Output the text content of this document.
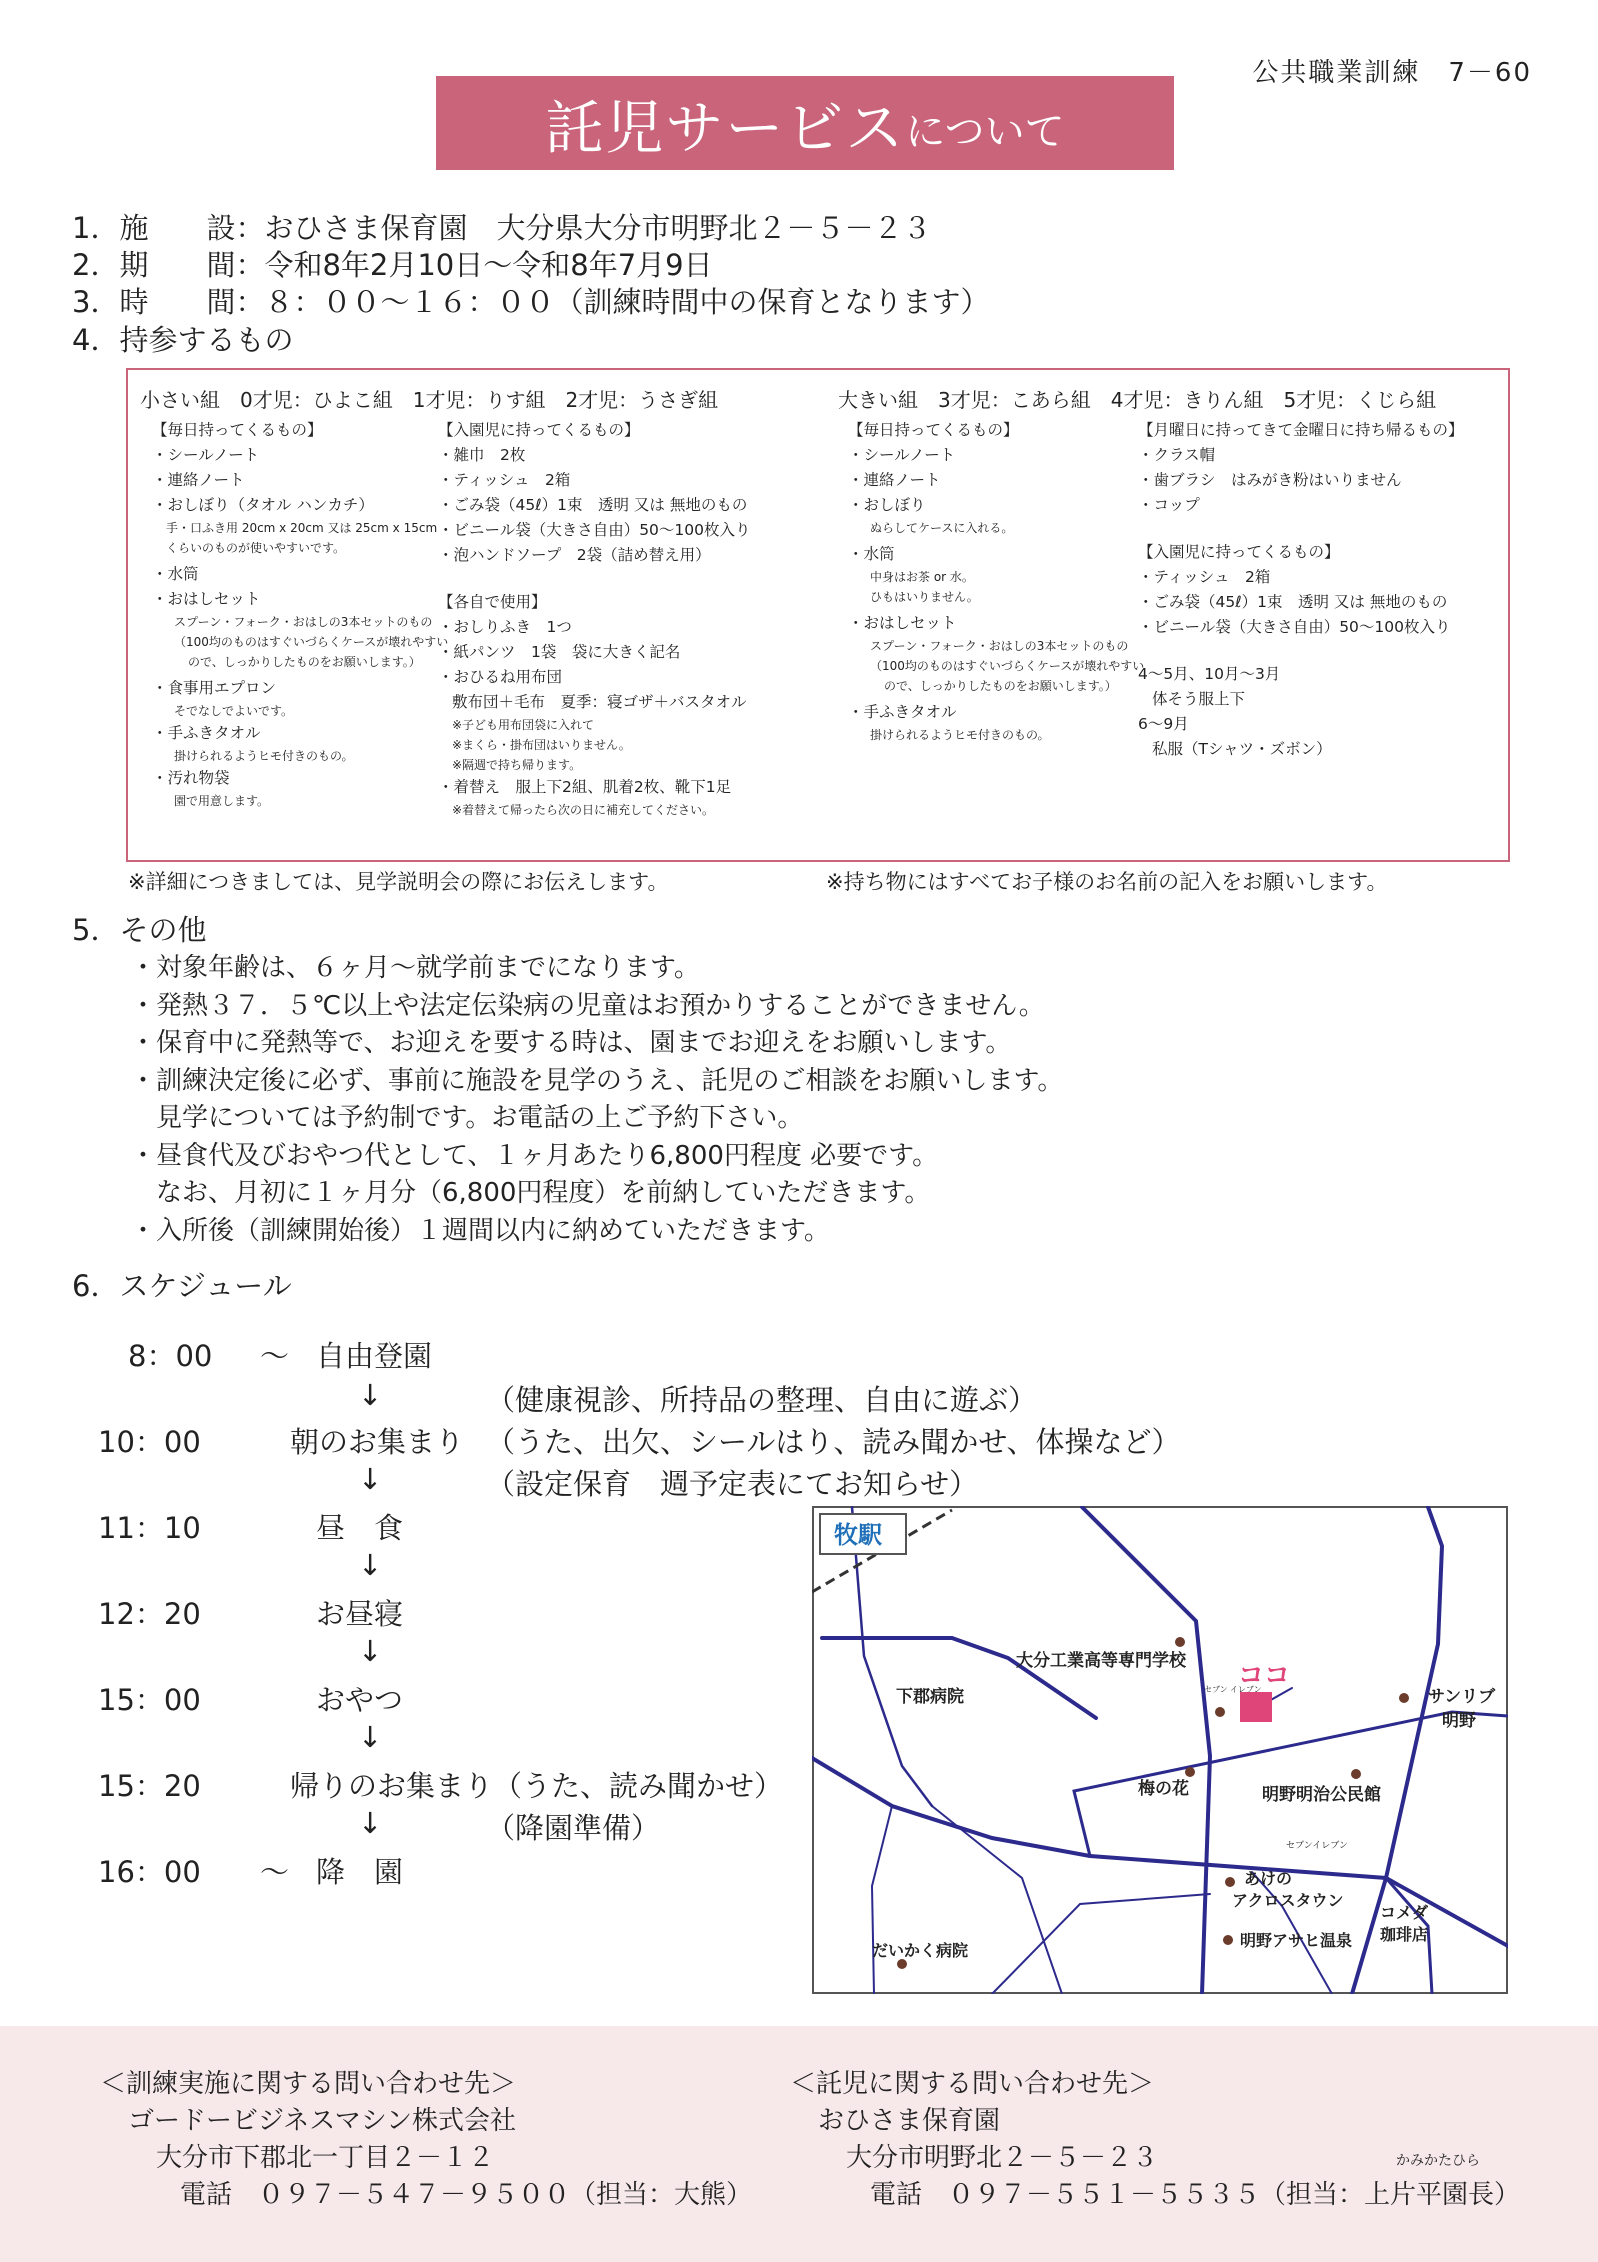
公共職業訓練　7－60
託児サービス について
1．施　　設：おひさま保育園　大分県大分市明野北２－５－２３
2．期　　間：令和8年2月10日～令和8年7月9日
3．時　　間：８：００～１６：００（訓練時間中の保育となります）
4．持参するもの
小さい組　0才児：ひよこ組　1才児：りす組　2才児：うさぎ組	大きい組　3才児：こあら組　4才児：きりん組　5才児：くじら組
【毎日持ってくるもの】
・シールノート
・連絡ノート
・おしぼり（タオル ハンカチ）
手・口ふき用 20cm x 20cm 又は 25cm x 15cm
くらいのものが使いやすいです。
・水筒
・おはしセット
スプーン・フォーク・おはしの3本セットのもの
（100均のものはすぐいづらくケースが壊れやすい
ので、しっかりしたものをお願いします。）
・食事用エプロン
そでなしでよいです。
・手ふきタオル
掛けられるようヒモ付きのもの。
・汚れ物袋
園で用意します。
【入園児に持ってくるもの】
・雑巾　2枚
・ティッシュ　2箱
・ごみ袋（45ℓ）1束　透明 又は 無地のもの
・ビニール袋（大きさ自由）50～100枚入り
・泡ハンドソープ　2袋（詰め替え用）
【各自で使用】
・おしりふき　1つ
・紙パンツ　1袋　袋に大きく記名
・おひるね用布団
敷布団＋毛布　夏季：寝ゴザ＋バスタオル
※子ども用布団袋に入れて
※まくら・掛布団はいりません。
※隔週で持ち帰ります。
・着替え　服上下2組、肌着2枚、靴下1足
※着替えて帰ったら次の日に補充してください。
【毎日持ってくるもの】
・シールノート
・連絡ノート
・おしぼり
ぬらしてケースに入れる。
・水筒
中身はお茶 or 水。
ひもはいりません。
・おはしセット
スプーン・フォーク・おはしの3本セットのもの
（100均のものはすぐいづらくケースが壊れやすい
ので、しっかりしたものをお願いします。）
・手ふきタオル
掛けられるようヒモ付きのもの。
【月曜日に持ってきて金曜日に持ち帰るもの】
・クラス帽
・歯ブラシ　はみがき粉はいりません
・コップ
【入園児に持ってくるもの】
・ティッシュ　2箱
・ごみ袋（45ℓ）1束　透明 又は 無地のもの
・ビニール袋（大きさ自由）50～100枚入り
4～5月、10月～3月
体そう服上下
6～9月
私服（Tシャツ・ズボン）
※詳細につきましては、見学説明会の際にお伝えします。	※持ち物にはすべてお子様のお名前の記入をお願いします。
5．その他
・対象年齢は、６ヶ月～就学前までになります。
・発熱３７．５℃以上や法定伝染病の児童はお預かりすることができません。
・保育中に発熱等で、お迎えを要する時は、園までお迎えをお願いします。
・訓練決定後に必ず、事前に施設を見学のうえ、託児のご相談をお願いします。
　見学については予約制です。お電話の上ご予約下さい。
・昼食代及びおやつ代として、１ヶ月あたり6,800円程度 必要です。
　なお、月初に１ヶ月分（6,800円程度）を前納していただきます。
・入所後（訓練開始後）１週間以内に納めていただきます。
6．スケジュール
8：00 ～ 自由登園
↓	（健康視診、所持品の整理、自由に遊ぶ）
10：00	朝のお集まり （うた、出欠、シールはり、読み聞かせ、体操など）
↓	（設定保育　週予定表にてお知らせ）
11：10	昼　食
↓
12：20	お昼寝
↓
15：00	おやつ
↓
15：20	帰りのお集まり（うた、読み聞かせ）
↓	（降園準備）
16：00 ～ 降　園
牧駅
ココ
大分工業高等専門学校
下郡病院	サンリブ
明野
梅の花	明野明治公民館
あけの
アクロスタウン
コメダ
珈琲店
明野アサヒ温泉
だいかく病院
セブンイレブン
セブン イレブン
＜訓練実施に関する問い合わせ先＞
ゴードービジネスマシン株式会社
大分市下郡北一丁目２－１２
電話　０９７－５４７－９５００（担当：大熊）
＜託児に関する問い合わせ先＞
おひさま保育園
大分市明野北２－５－２３
電話　０９７－５５１－５５３５（担当：上片平園長）
かみかたひら
